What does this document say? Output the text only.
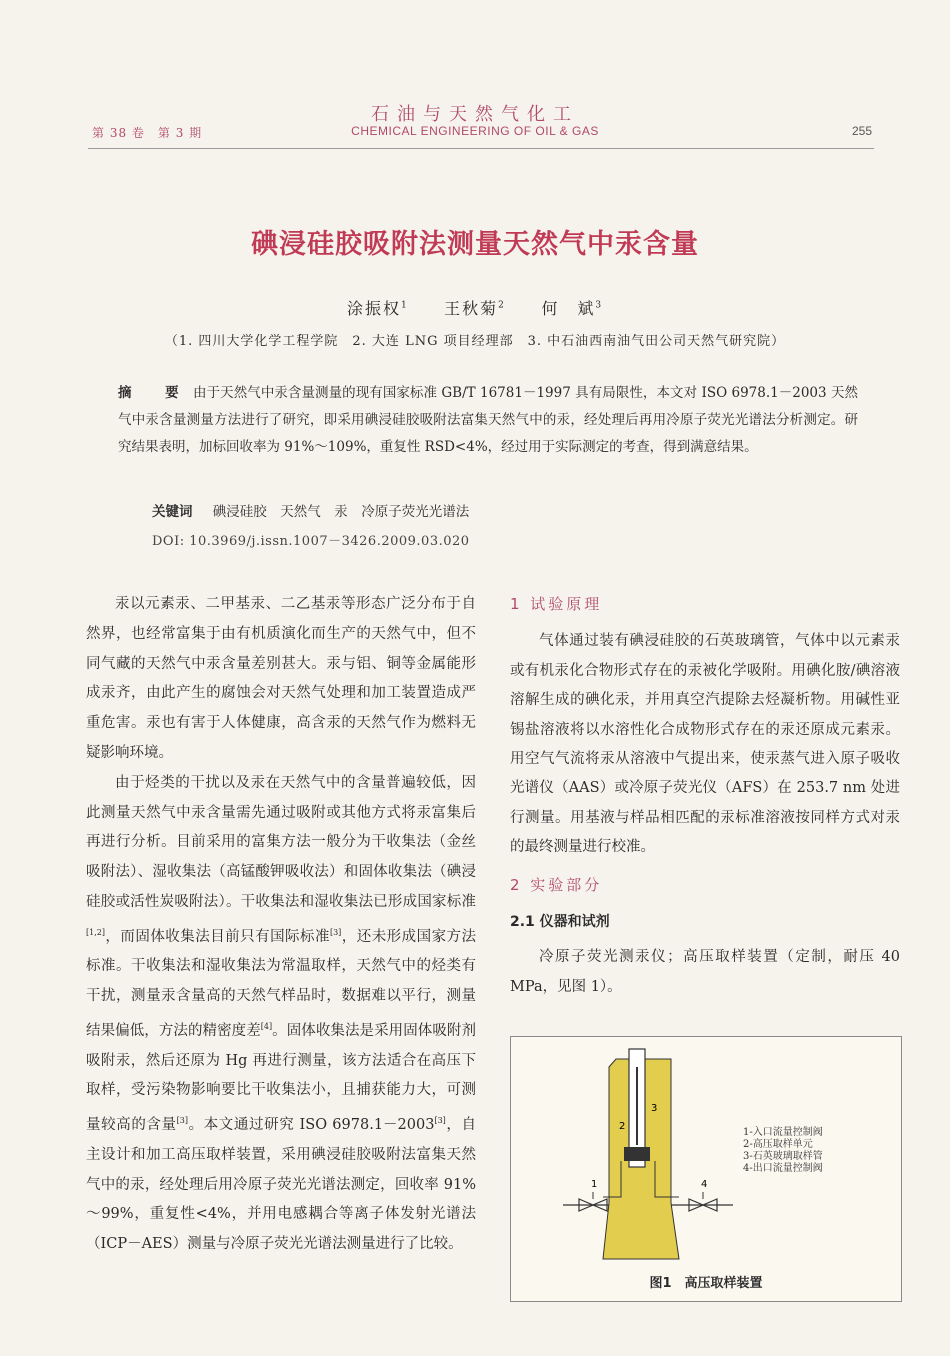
石油与天然气化工
CHEMICAL ENGINEERING OF OIL & GAS
第 38 卷　第 3 期	255
碘浸硅胶吸附法测量天然气中汞含量
涂振权$^1$ 王秋菊$^2$ 何　斌$^3$
（1. 四川大学化学工程学院　2. 大连 LNG 项目经理部　3. 中石油西南油气田公司天然气研究院）
摘　要 由于天然气中汞含量测量的现有国家标准 GB/T 16781－1997 具有局限性，本文对 ISO 6978.1－2003 天然气中汞含量测量方法进行了研究，即采用碘浸硅胶吸附法富集天然气中的汞，经处理后再用冷原子荧光光谱法分析测定。研究结果表明，加标回收率为 91%～109%，重复性 RSD<4%，经过用于实际测定的考查，得到满意结果。
关键词 碘浸硅胶　天然气　汞　冷原子荧光光谱法
DOI: 10.3969/j.issn.1007－3426.2009.03.020

汞以元素汞、二甲基汞、二乙基汞等形态广泛分布于自然界，也经常富集于由有机质演化而生产的天然气中，但不同气藏的天然气中汞含量差别甚大。汞与铝、铜等金属能形成汞齐，由此产生的腐蚀会对天然气处理和加工装置造成严重危害。汞也有害于人体健康，高含汞的天然气作为燃料无疑影响环境。

由于烃类的干扰以及汞在天然气中的含量普遍较低，因此测量天然气中汞含量需先通过吸附或其他方式将汞富集后再进行分析。目前采用的富集方法一般分为干收集法（金丝吸附法）、湿收集法（高锰酸钾吸收法）和固体收集法（碘浸硅胶或活性炭吸附法）。干收集法和湿收集法已形成国家标准[1,2]，而固体收集法目前只有国际标准[3]，还未形成国家方法标准。干收集法和湿收集法为常温取样，天然气中的烃类有干扰，测量汞含量高的天然气样品时，数据难以平行，测量结果偏低，方法的精密度差[4]。固体收集法是采用固体吸附剂吸附汞，然后还原为 Hg 再进行测量，该方法适合在高压下取样，受污染物影响要比干收集法小，且捕获能力大，可测量较高的含量[3]。本文通过研究 ISO 6978.1－2003[3]，自主设计和加工高压取样装置，采用碘浸硅胶吸附法富集天然气中的汞，经处理后用冷原子荧光光谱法测定，回收率 91%～99%，重复性<4%，并用电感耦合等离子体发射光谱法（ICP－AES）测量与冷原子荧光光谱法测量进行了比较。

1 试验原理

气体通过装有碘浸硅胶的石英玻璃管，气体中以元素汞或有机汞化合物形式存在的汞被化学吸附。用碘化胺/碘溶液溶解生成的碘化汞，并用真空汽提除去烃凝析物。用碱性亚锡盐溶液将以水溶性化合成物形式存在的汞还原成元素汞。用空气气流将汞从溶液中气提出来，使汞蒸气进入原子吸收光谱仪（AAS）或冷原子荧光仪（AFS）在 253.7 nm 处进行测量。用基液与样品相匹配的汞标准溶液按同样方式对汞的最终测量进行校准。

2 实验部分
2.1 仪器和试剂

冷原子荧光测汞仪；高压取样装置（定制，耐压 40 MPa，见图 1）。

1
2
3
4
1-入口流量控制阀
2-高压取样单元
3-石英玻璃取样管
4-出口流量控制阀
图1　高压取样装置
